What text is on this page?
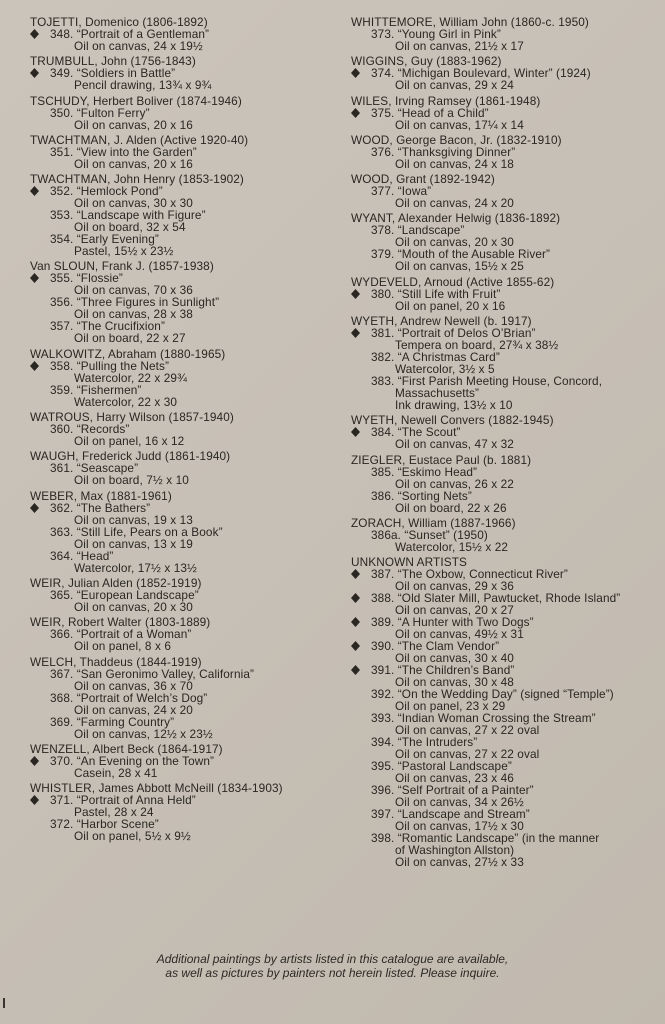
TOJETTI, Domenico (1806-1892)
348. “Portrait of a Gentleman”
Oil on canvas, 24 x 19½
TRUMBULL, John (1756-1843)
349. “Soldiers in Battle”
Pencil drawing, 13¾ x 9¾
TSCHUDY, Herbert Boliver (1874-1946)
350. “Fulton Ferry”
Oil on canvas, 20 x 16
TWACHTMAN, J. Alden (Active 1920-40)
351. “View into the Garden”
Oil on canvas, 20 x 16
TWACHTMAN, John Henry (1853-1902)
352. “Hemlock Pond”
Oil on canvas, 30 x 30
353. “Landscape with Figure”
Oil on board, 32 x 54
354. “Early Evening”
Pastel, 15½ x 23½
Van SLOUN, Frank J. (1857-1938)
355. “Flossie”
Oil on canvas, 70 x 36
356. “Three Figures in Sunlight”
Oil on canvas, 28 x 38
357. “The Crucifixion”
Oil on board, 22 x 27
WALKOWITZ, Abraham (1880-1965)
358. “Pulling the Nets”
Watercolor, 22 x 29¾
359. “Fishermen”
Watercolor, 22 x 30
WATROUS, Harry Wilson (1857-1940)
360. “Records”
Oil on panel, 16 x 12
WAUGH, Frederick Judd (1861-1940)
361. “Seascape”
Oil on board, 7½ x 10
WEBER, Max (1881-1961)
362. “The Bathers”
Oil on canvas, 19 x 13
363. “Still Life, Pears on a Book”
Oil on canvas, 13 x 19
364. “Head”
Watercolor, 17½ x 13½
WEIR, Julian Alden (1852-1919)
365. “European Landscape”
Oil on canvas, 20 x 30
WEIR, Robert Walter (1803-1889)
366. “Portrait of a Woman”
Oil on panel, 8 x 6
WELCH, Thaddeus (1844-1919)
367. “San Geronimo Valley, California”
Oil on canvas, 36 x 70
368. “Portrait of Welch’s Dog”
Oil on canvas, 24 x 20
369. “Farming Country”
Oil on canvas, 12½ x 23½
WENZELL, Albert Beck (1864-1917)
370. “An Evening on the Town”
Casein, 28 x 41
WHISTLER, James Abbott McNeill (1834-1903)
371. “Portrait of Anna Held”
Pastel, 28 x 24
372. “Harbor Scene”
Oil on panel, 5½ x 9½
WHITTEMORE, William John (1860-c. 1950)
373. “Young Girl in Pink”
Oil on canvas, 21½ x 17
WIGGINS, Guy (1883-1962)
374. “Michigan Boulevard, Winter” (1924)
Oil on canvas, 29 x 24
WILES, Irving Ramsey (1861-1948)
375. “Head of a Child”
Oil on canvas, 17¼ x 14
WOOD, George Bacon, Jr. (1832-1910)
376. “Thanksgiving Dinner”
Oil on canvas, 24 x 18
WOOD, Grant (1892-1942)
377. “Iowa”
Oil on canvas, 24 x 20
WYANT, Alexander Helwig (1836-1892)
378. “Landscape”
Oil on canvas, 20 x 30
379. “Mouth of the Ausable River”
Oil on canvas, 15½ x 25
WYDEVELD, Arnoud (Active 1855-62)
380. “Still Life with Fruit”
Oil on panel, 20 x 16
WYETH, Andrew Newell (b. 1917)
381. “Portrait of Delos O’Brian”
Tempera on board, 27¾ x 38½
382. “A Christmas Card”
Watercolor, 3½ x 5
383. “First Parish Meeting House, Concord,
Massachusetts”
Ink drawing, 13½ x 10
WYETH, Newell Convers (1882-1945)
384. “The Scout”
Oil on canvas, 47 x 32
ZIEGLER, Eustace Paul (b. 1881)
385. “Eskimo Head”
Oil on canvas, 26 x 22
386. “Sorting Nets”
Oil on board, 22 x 26
ZORACH, William (1887-1966)
386a. “Sunset” (1950)
Watercolor, 15½ x 22
UNKNOWN ARTISTS
387. “The Oxbow, Connecticut River”
Oil on canvas, 29 x 36
388. “Old Slater Mill, Pawtucket, Rhode Island”
Oil on canvas, 20 x 27
389. “A Hunter with Two Dogs”
Oil on canvas, 49½ x 31
390. “The Clam Vendor”
Oil on canvas, 30 x 40
391. “The Children’s Band”
Oil on canvas, 30 x 48
392. “On the Wedding Day” (signed “Temple”)
Oil on panel, 23 x 29
393. “Indian Woman Crossing the Stream”
Oil on canvas, 27 x 22 oval
394. “The Intruders”
Oil on canvas, 27 x 22 oval
395. “Pastoral Landscape”
Oil on canvas, 23 x 46
396. “Self Portrait of a Painter”
Oil on canvas, 34 x 26½
397. “Landscape and Stream”
Oil on canvas, 17½ x 30
398. “Romantic Landscape” (in the manner
of Washington Allston)
Oil on canvas, 27½ x 33
Additional paintings by artists listed in this catalogue are available,
as well as pictures by painters not herein listed. Please inquire.
